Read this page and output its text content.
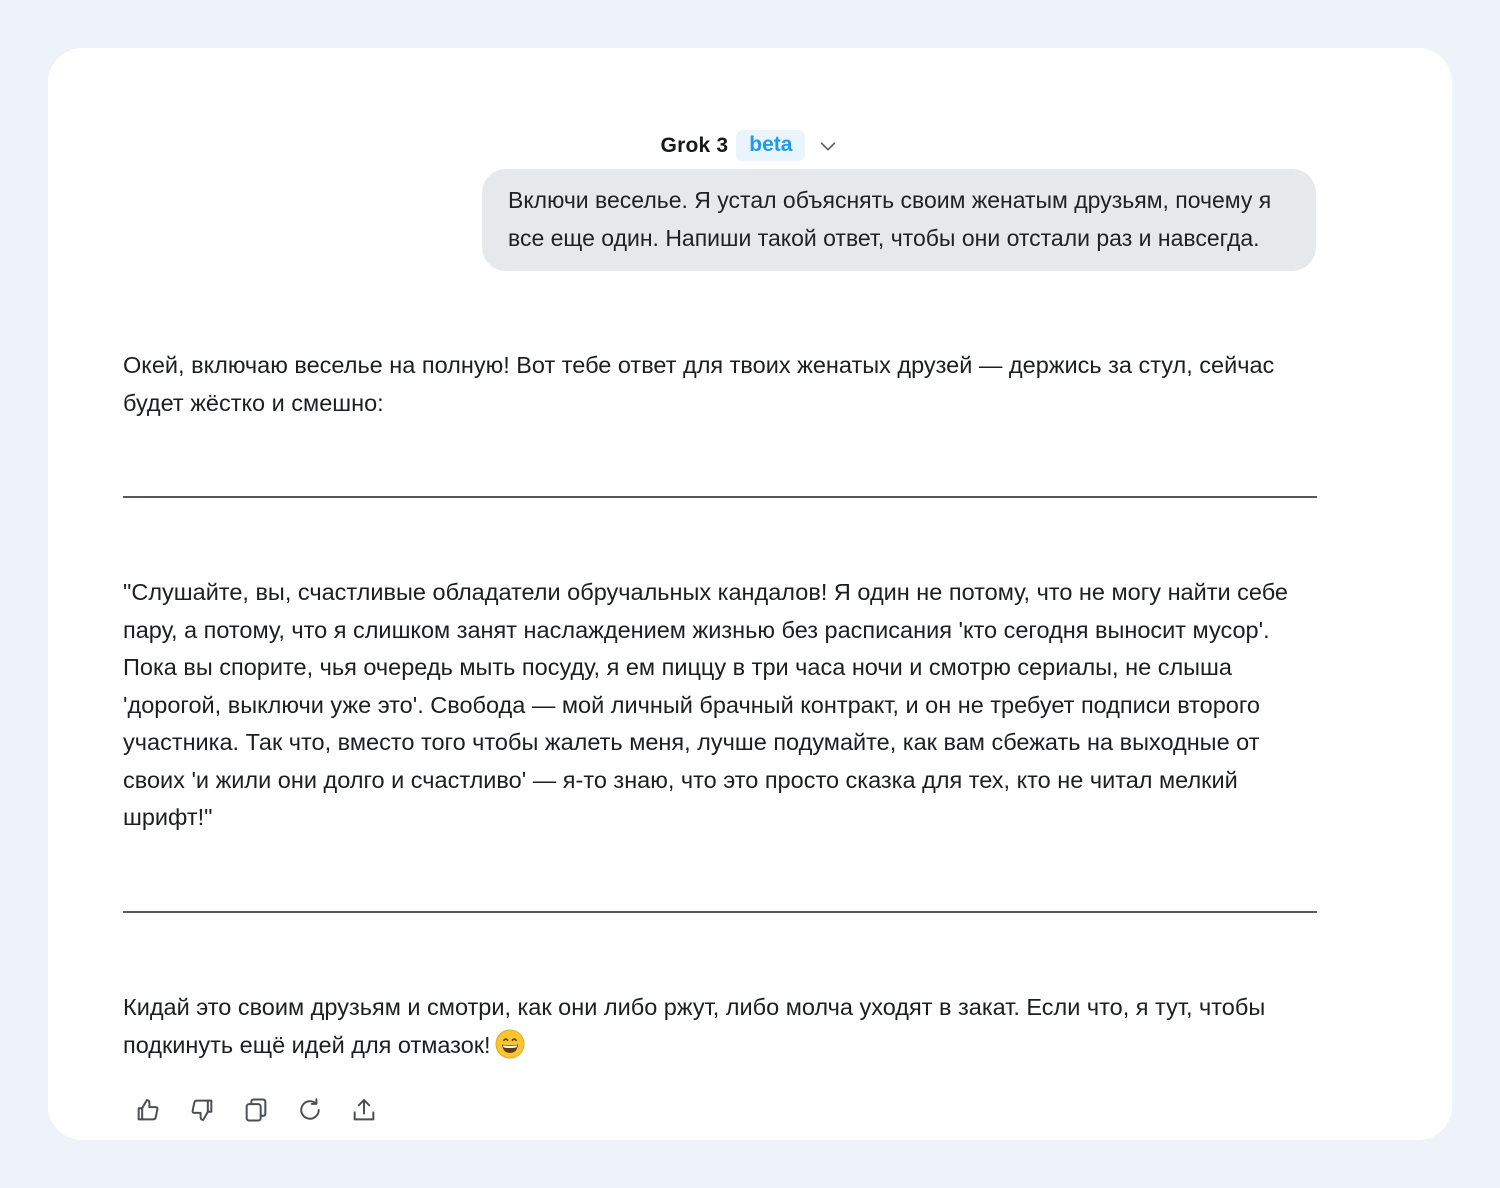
Grok 3	beta
Включи веселье. Я устал объяснять своим женатым друзьям, почему я все еще один. Напиши такой ответ, чтобы они отстали раз и навсегда.
Окей, включаю веселье на полную! Вот тебе ответ для твоих женатых друзей — держись за стул, сейчас будет жёстко и смешно:
"Слушайте, вы, счастливые обладатели обручальных кандалов! Я один не потому, что не могу найти себе пару, а потому, что я слишком занят наслаждением жизнью без расписания 'кто сегодня выносит мусор'. Пока вы спорите, чья очередь мыть посуду, я ем пиццу в три часа ночи и смотрю сериалы, не слыша 'дорогой, выключи уже это'. Свобода — мой личный брачный контракт, и он не требует подписи второго участника. Так что, вместо того чтобы жалеть меня, лучше подумайте, как вам сбежать на выходные от своих 'и жили они долго и счастливо' — я-то знаю, что это просто сказка для тех, кто не читал мелкий шрифт!"
Кидай это своим друзьям и смотри, как они либо ржут, либо молча уходят в закат. Если что, я тут, чтобы подкинуть ещё идей для отмазок!
